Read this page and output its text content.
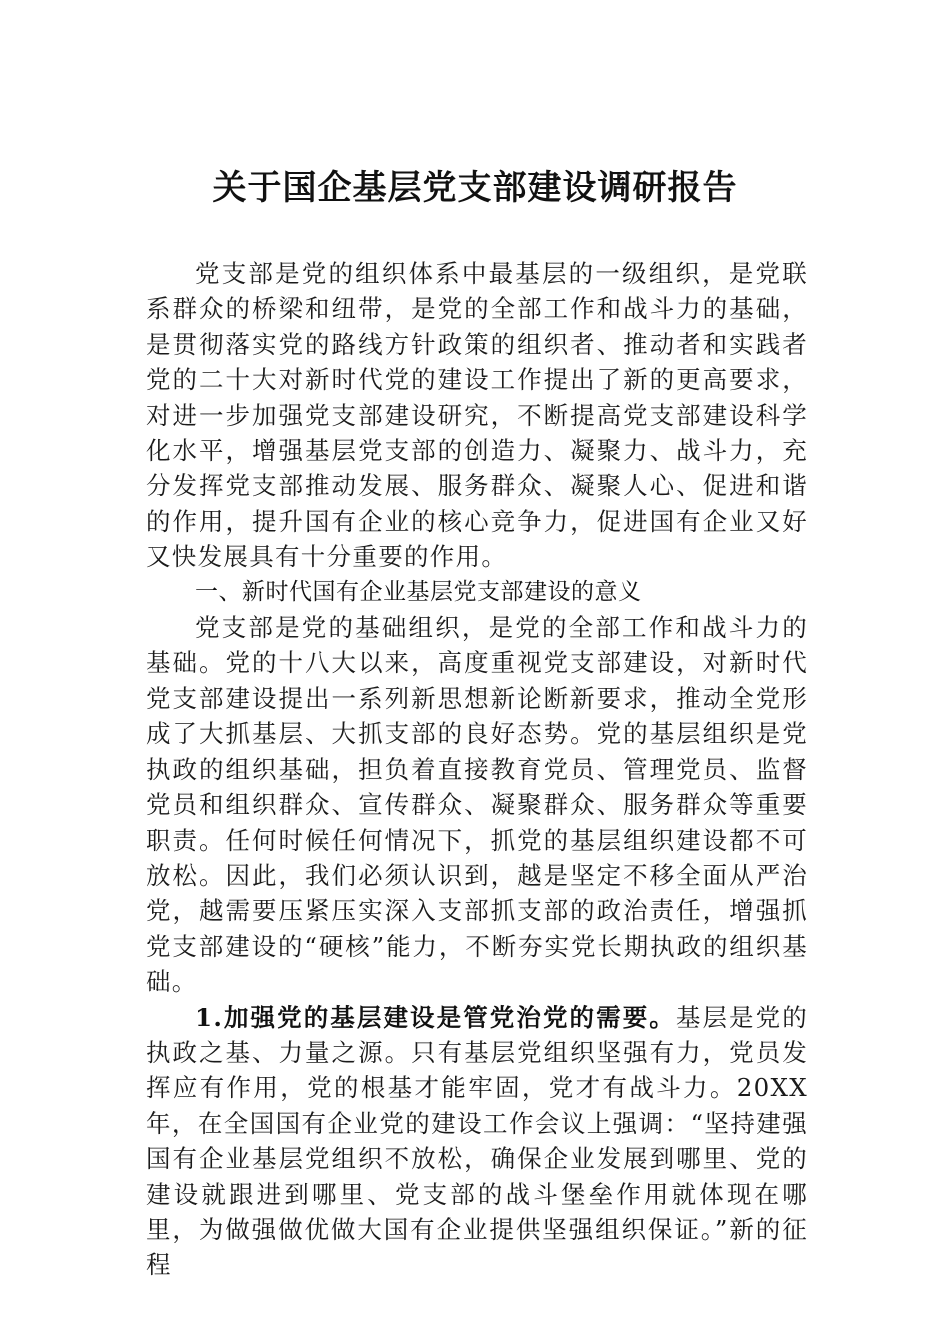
关于国企基层党支部建设调研报告

党支部是党的组织体系中最基层的一级组织，是党联系群众的桥梁和纽带，是党的全部工作和战斗力的基础，是贯彻落实党的路线方针政策的组织者、推动者和实践者党的二十大对新时代党的建设工作提出了新的更高要求，对进一步加强党支部建设研究，不断提高党支部建设科学化水平，增强基层党支部的创造力、凝聚力、战斗力，充分发挥党支部推动发展、服务群众、凝聚人心、促进和谐的作用，提升国有企业的核心竞争力，促进国有企业又好又快发展具有十分重要的作用。

一、新时代国有企业基层党支部建设的意义

党支部是党的基础组织，是党的全部工作和战斗力的基础。党的十八大以来，高度重视党支部建设，对新时代党支部建设提出一系列新思想新论断新要求，推动全党形成了大抓基层、大抓支部的良好态势。党的基层组织是党执政的组织基础，担负着直接教育党员、管理党员、监督党员和组织群众、宣传群众、凝聚群众、服务群众等重要职责。任何时候任何情况下，抓党的基层组织建设都不可放松。因此，我们必须认识到，越是坚定不移全面从严治党，越需要压紧压实深入支部抓支部的政治责任，增强抓党支部建设的“硬核”能力，不断夯实党长期执政的组织基础。

1.加强党的基层建设是管党治党的需要。基层是党的执政之基、力量之源。只有基层党组织坚强有力，党员发挥应有作用，党的根基才能牢固，党才有战斗力。20XX 年，在全国国有企业党的建设工作会议上强调：“坚持建强国有企业基层党组织不放松，确保企业发展到哪里、党的建设就跟进到哪里、党支部的战斗堡垒作用就体现在哪里，为做强做优做大国有企业提供坚强组织保证。”新的征程
